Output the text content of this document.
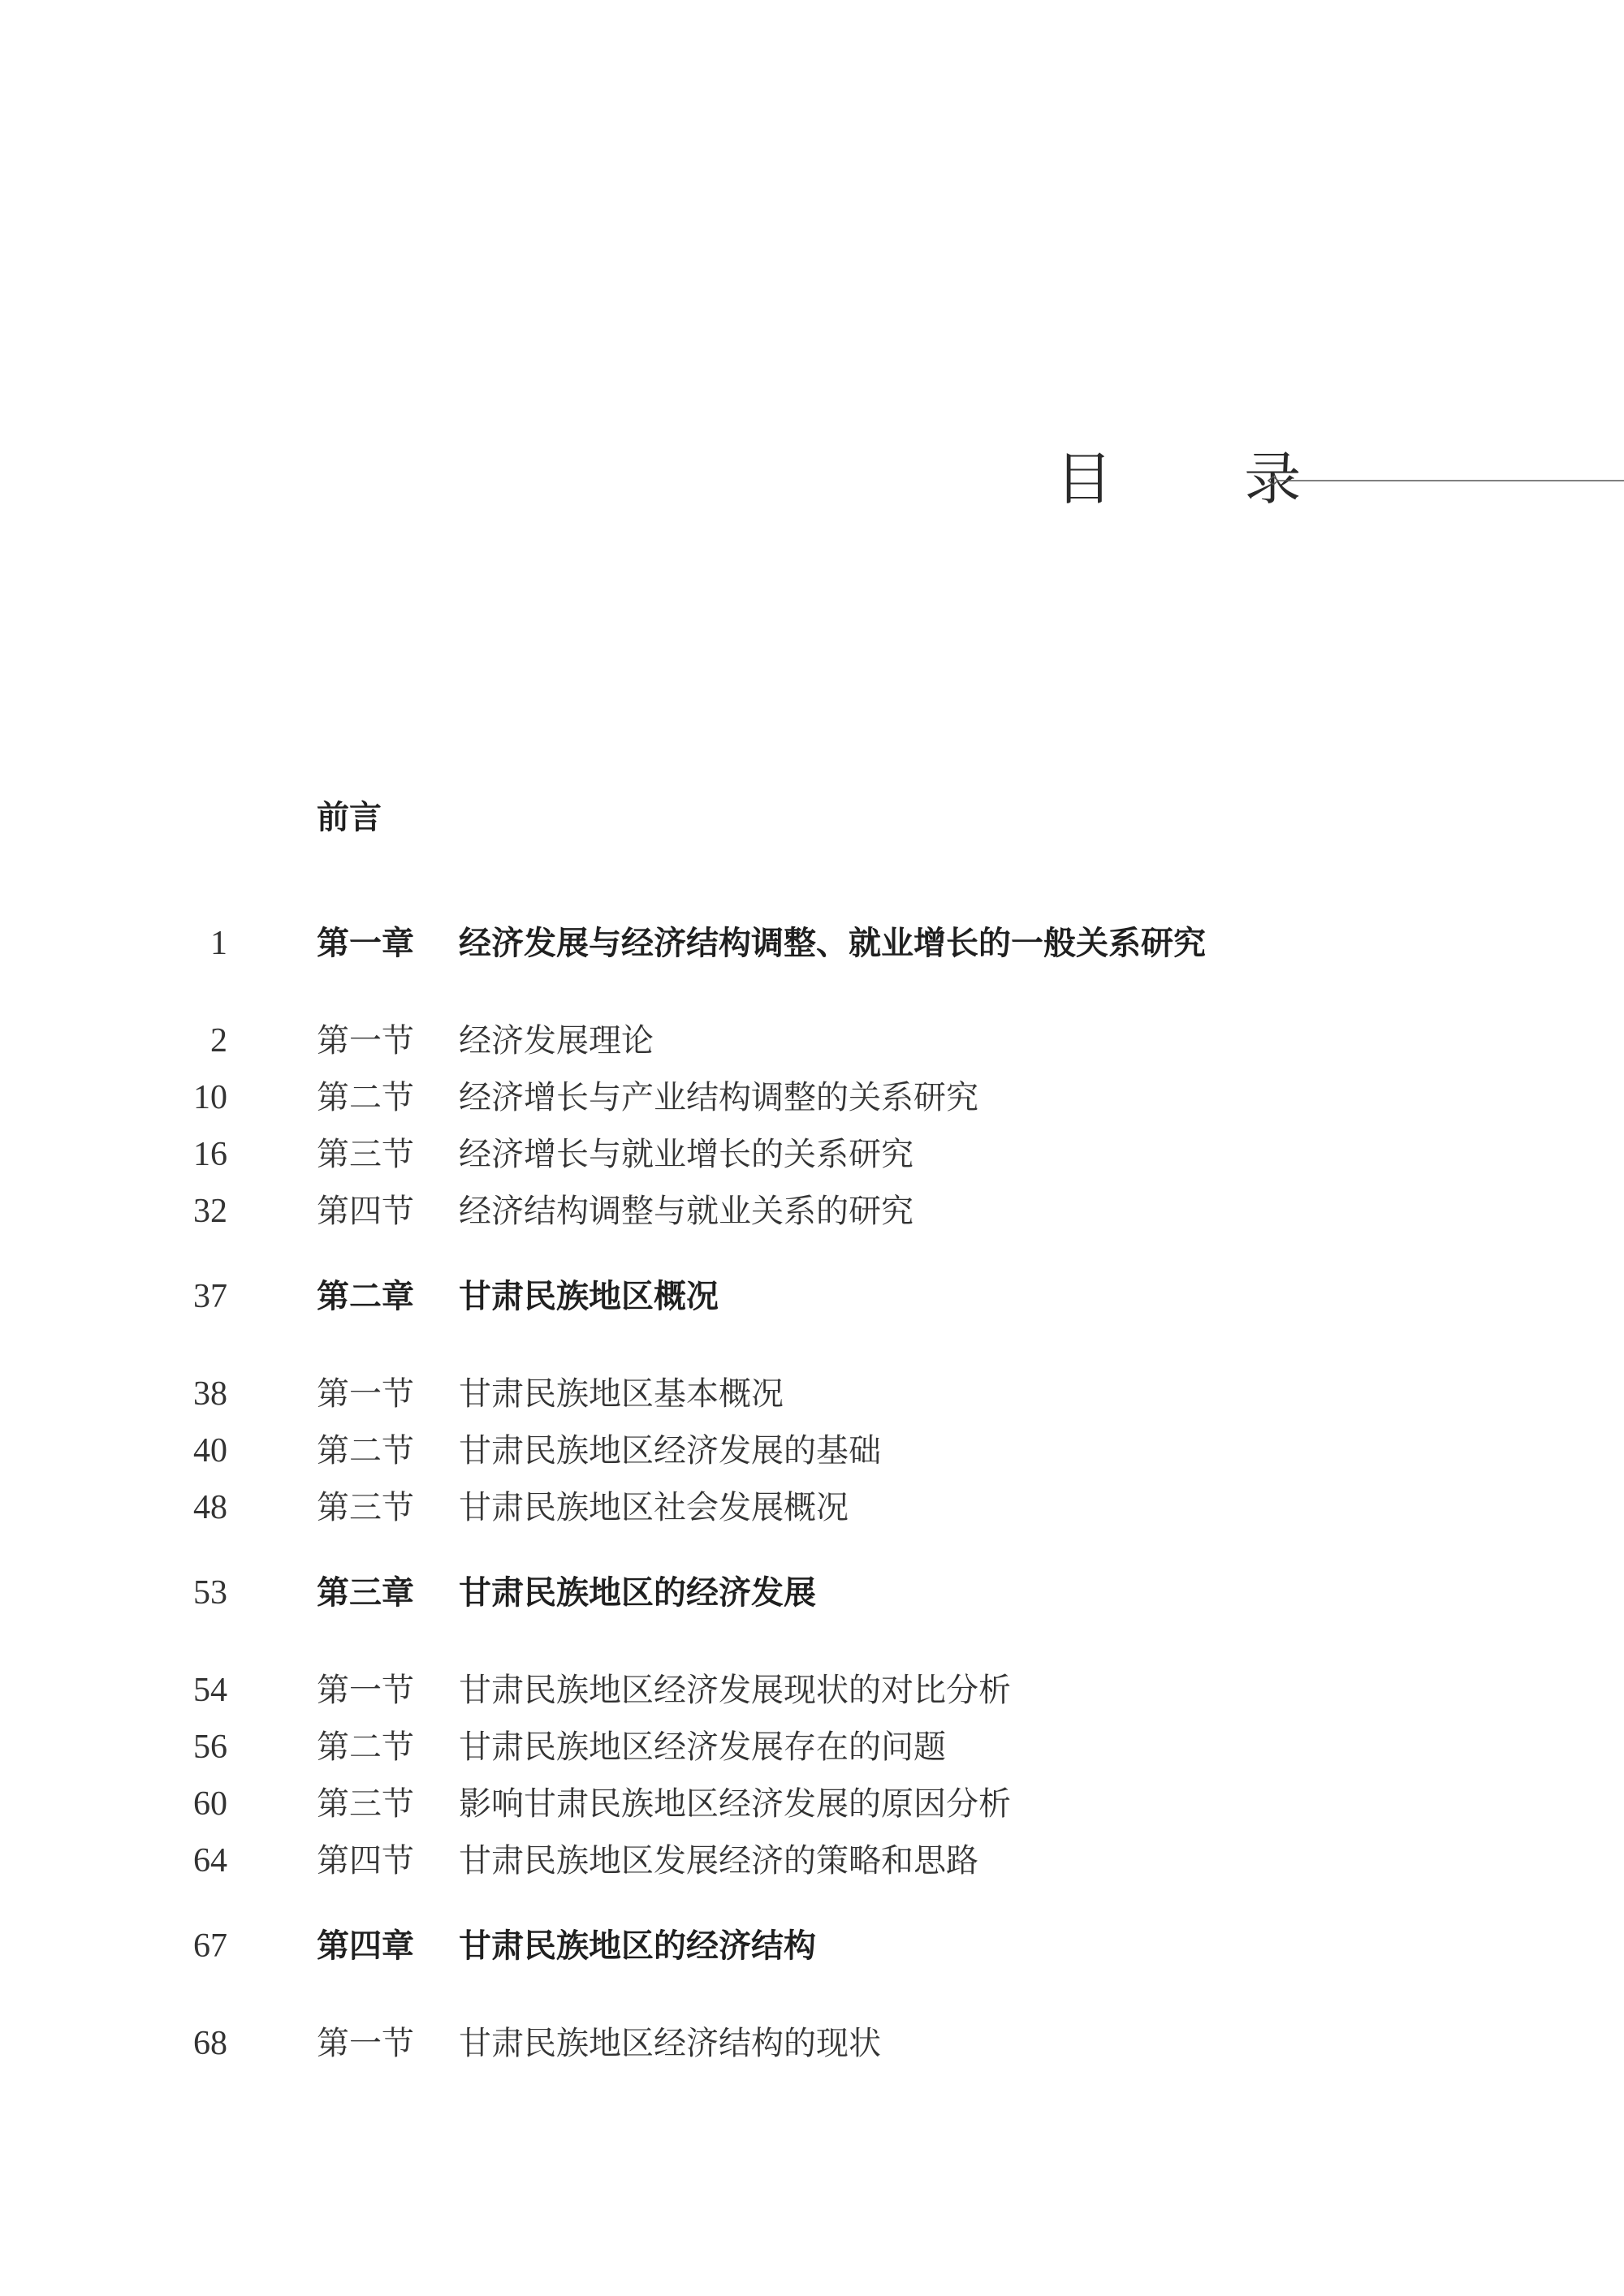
目 录
前言
1	第一章	经济发展与经济结构调整、就业增长的一般关系研究
2	第一节	经济发展理论
10	第二节	经济增长与产业结构调整的关系研究
16	第三节	经济增长与就业增长的关系研究
32	第四节	经济结构调整与就业关系的研究
37	第二章	甘肃民族地区概况
38	第一节	甘肃民族地区基本概况
40	第二节	甘肃民族地区经济发展的基础
48	第三节	甘肃民族地区社会发展概况
53	第三章	甘肃民族地区的经济发展
54	第一节	甘肃民族地区经济发展现状的对比分析
56	第二节	甘肃民族地区经济发展存在的问题
60	第三节	影响甘肃民族地区经济发展的原因分析
64	第四节	甘肃民族地区发展经济的策略和思路
67	第四章	甘肃民族地区的经济结构
68	第一节	甘肃民族地区经济结构的现状
